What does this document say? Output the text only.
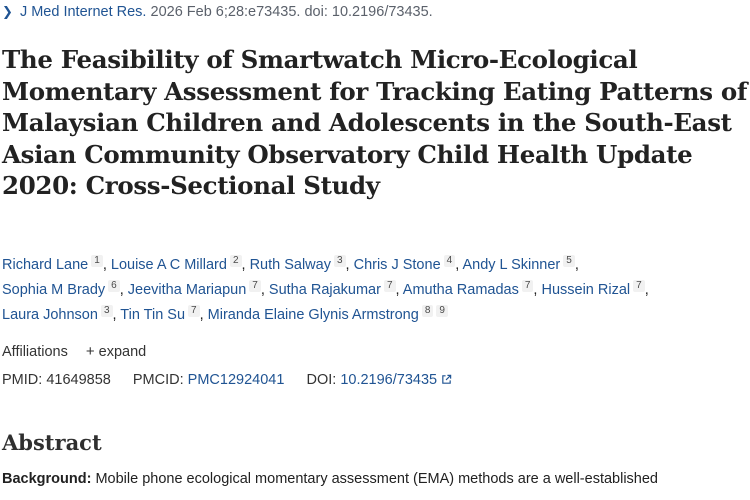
❯ J Med Internet Res. 2026 Feb 6;28:e73435. doi: 10.2196/73435.
The Feasibility of Smartwatch Micro-Ecological Momentary Assessment for Tracking Eating Patterns of Malaysian Children and Adolescents in the South-East Asian Community Observatory Child Health Update 2020: Cross-Sectional Study
Richard Lane $^1$ , Louise A C Millard $^2$ , Ruth Salway $^3$ , Chris J Stone $^4$ , Andy L Skinner $^5$ ,
Sophia M Brady $^6$ , Jeevitha Mariapun $^7$ , Sutha Rajakumar $^7$ , Amutha Ramadas $^7$ , Hussein Rizal $^7$ ,
Laura Johnson $^3$ , Tin Tin Su $^7$ , Miranda Elaine Glynis Armstrong $^8$ $^9$
Affiliations + expand
PMID: 41649858 PMCID: PMC12924041 DOI: 10.2196/73435
Abstract

Background: Mobile phone ecological momentary assessment (EMA) methods are a well-established
